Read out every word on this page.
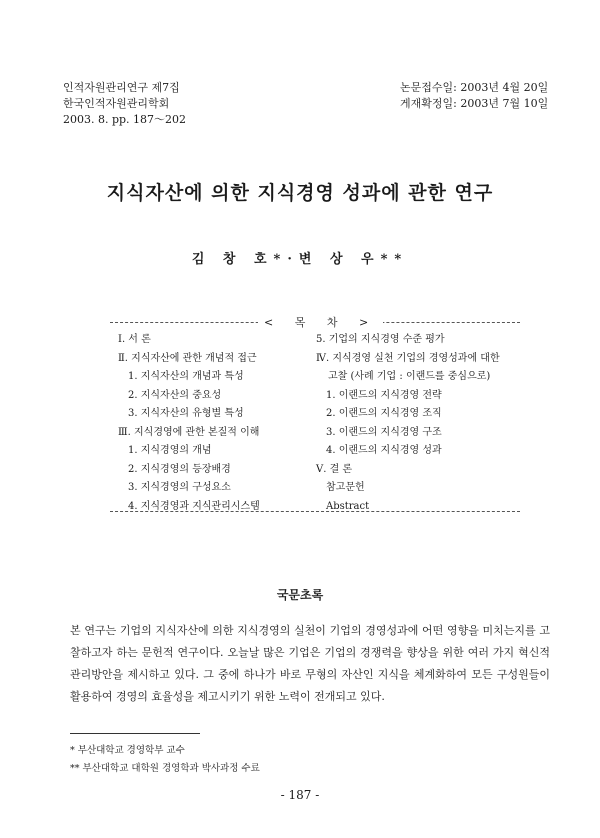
인적자원관리연구 제7집
한국인적자원관리학회
2003. 8. pp. 187～202
논문접수일: 2003년 4월 20일
게재확정일: 2003년 7월 10일
지식자산에 의한 지식경영 성과에 관한 연구
김 창 호*·변 상 우**
< 목 차 >
Ⅰ. 서 론
Ⅱ. 지식자산에 관한 개념적 접근
1. 지식자산의 개념과 특성
2. 지식자산의 중요성
3. 지식자산의 유형별 특성
Ⅲ. 지식경영에 관한 본질적 이해
1. 지식경영의 개념
2. 지식경영의 등장배경
3. 지식경영의 구성요소
4. 지식경영과 지식관리시스템
5. 기업의 지식경영 수준 평가
Ⅳ. 지식경영 실천 기업의 경영성과에 대한
고찰 (사례 기업 : 이랜드를 중심으로)
1. 이랜드의 지식경영 전략
2. 이랜드의 지식경영 조직
3. 이랜드의 지식경영 구조
4. 이랜드의 지식경영 성과
Ⅴ. 결 론
참고문헌
Abstract
국문초록
본 연구는 기업의 지식자산에 의한 지식경영의 실천이 기업의 경영성과에 어떤 영향을 미치는지를 고찰하고자 하는 문헌적 연구이다. 오늘날 많은 기업은 기업의 경쟁력을 향상을 위한 여러 가지 혁신적 관리방안을 제시하고 있다. 그 중에 하나가 바로 무형의 자산인 지식을 체계화하여 모든 구성원들이 활용하여 경영의 효율성을 제고시키기 위한 노력이 전개되고 있다.
* 부산대학교 경영학부 교수
** 부산대학교 대학원 경영학과 박사과정 수료
- 187 -
